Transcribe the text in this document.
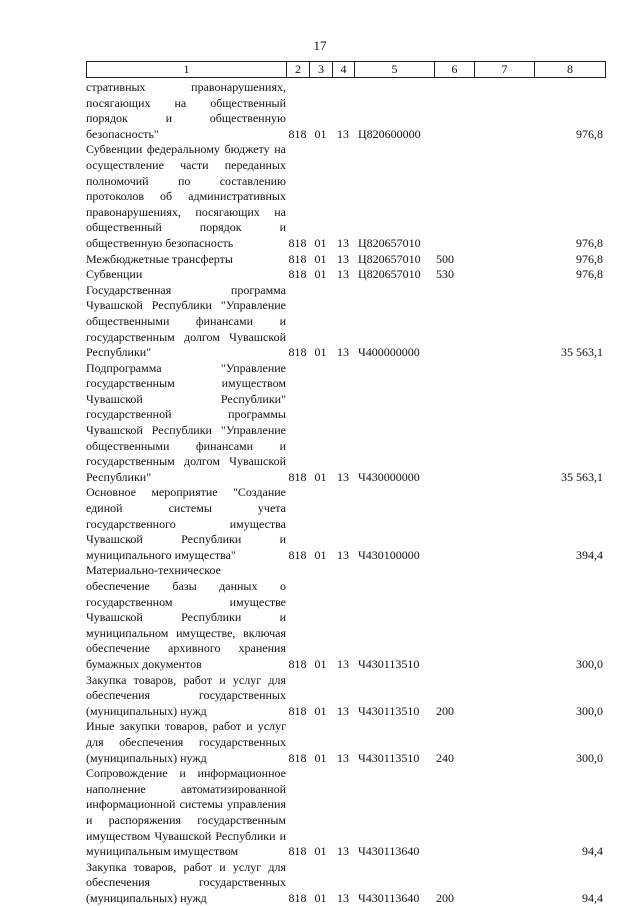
17
1	2	3	4	5	6	7	8
стративных правонарушениях, посягающих на общественный порядок и общественную безопасность"	818 01 13 Ц820600000	976,8
Субвенции федеральному бюджету на осуществление части переданных полномочий по составлению протоколов об административных правонарушениях, посягающих на общественный порядок и общественную безопасность	818 01 13 Ц820657010	976,8
Межбюджетные трансферты	818 01 13 Ц820657010	500	976,8
Субвенции	818 01 13 Ц820657010	530	976,8
Государственная программа Чувашской Республики "Управление общественными финансами и государственным долгом Чувашской Республики"	818 01 13 Ч400000000	35 563,1
Подпрограмма "Управление государственным имуществом Чувашской Республики" государственной программы Чувашской Республики "Управление общественными финансами и государственным долгом Чувашской Республики"	818 01 13 Ч430000000	35 563,1
Основное мероприятие "Создание единой системы учета государственного имущества Чувашской Республики и муниципального имущества"	818 01 13 Ч430100000	394,4
Материально-техническое обеспечение базы данных о государственном имуществе Чувашской Республики и муниципальном имуществе, включая обеспечение архивного хранения бумажных документов	818 01 13 Ч430113510	300,0
Закупка товаров, работ и услуг для обеспечения государственных (муниципальных) нужд	818 01 13 Ч430113510	200	300,0
Иные закупки товаров, работ и услуг для обеспечения государственных (муниципальных) нужд	818 01 13 Ч430113510	240	300,0
Сопровождение и информационное наполнение автоматизированной информационной системы управления и распоряжения государственным имуществом Чувашской Республики и муниципальным имуществом	818 01 13 Ч430113640	94,4
Закупка товаров, работ и услуг для обеспечения государственных (муниципальных) нужд	818 01 13 Ч430113640	200	94,4
